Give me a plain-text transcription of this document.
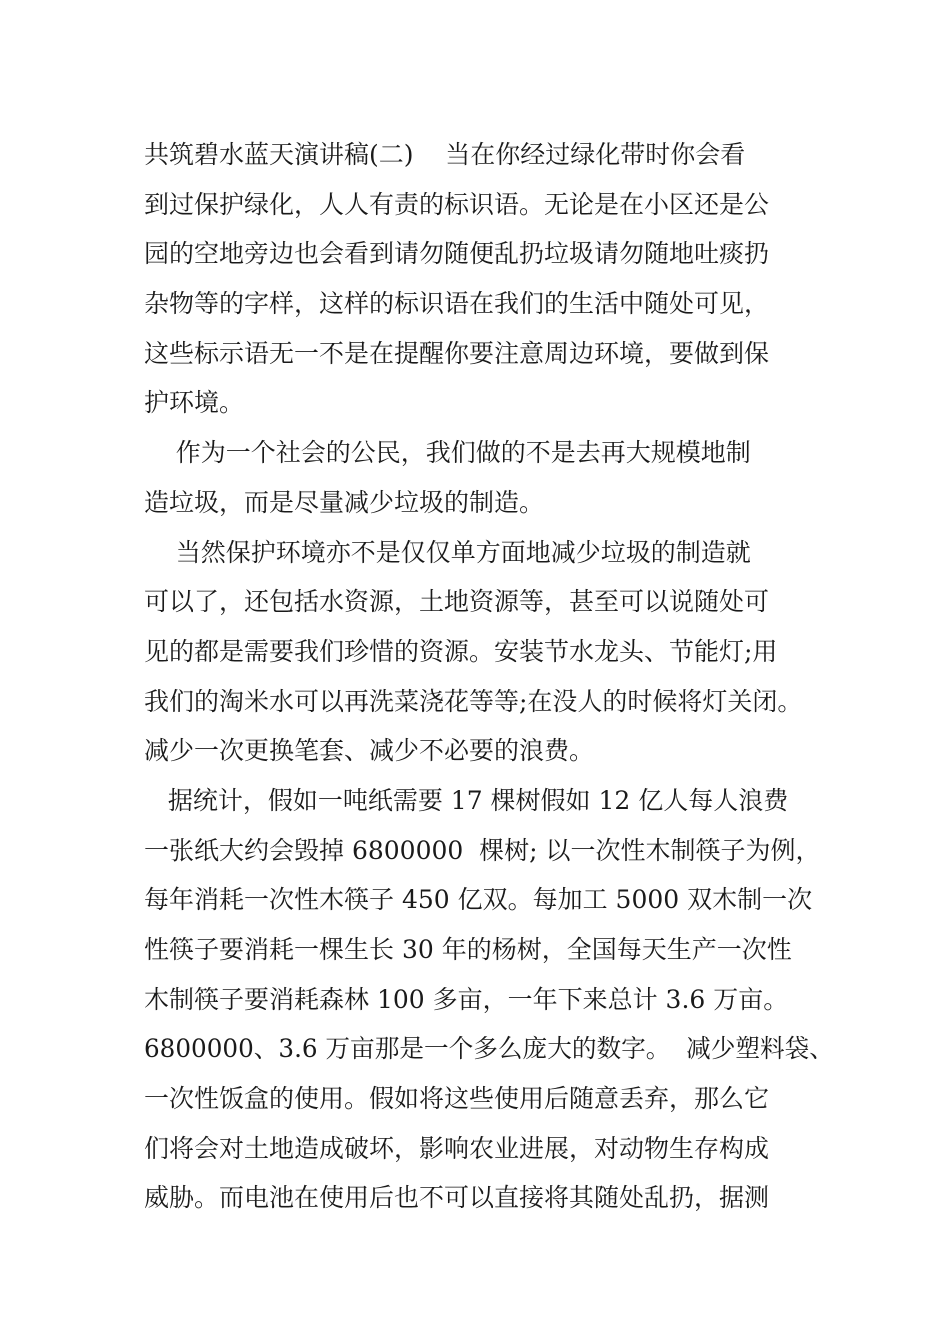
共筑碧水蓝天演讲稿(二)    当在你经过绿化带时你会看
到过保护绿化，人人有责的标识语。无论是在小区还是公
园的空地旁边也会看到请勿随便乱扔垃圾请勿随地吐痰扔
杂物等的字样，这样的标识语在我们的生活中随处可见，
这些标示语无一不是在提醒你要注意周边环境，要做到保
护环境。
作为一个社会的公民，我们做的不是去再大规模地制
造垃圾，而是尽量减少垃圾的制造。
当然保护环境亦不是仅仅单方面地减少垃圾的制造就
可以了，还包括水资源，土地资源等，甚至可以说随处可
见的都是需要我们珍惜的资源。安装节水龙头、节能灯;用
我们的淘米水可以再洗菜浇花等等;在没人的时候将灯关闭。
减少一次更换笔套、减少不必要的浪费。
据统计，假如一吨纸需要 17 棵树假如 12 亿人每人浪费
一张纸大约会毁掉 6800000  棵树; 以一次性木制筷子为例，
每年消耗一次性木筷子 450 亿双。每加工 5000 双木制一次
性筷子要消耗一棵生长 30 年的杨树，全国每天生产一次性
木制筷子要消耗森林 100 多亩，一年下来总计 3.6 万亩。
6800000、3.6 万亩那是一个多么庞大的数字。  减少塑料袋、
一次性饭盒的使用。假如将这些使用后随意丢弃，那么它
们将会对土地造成破坏，影响农业进展，对动物生存构成
威胁。而电池在使用后也不可以直接将其随处乱扔，据测
